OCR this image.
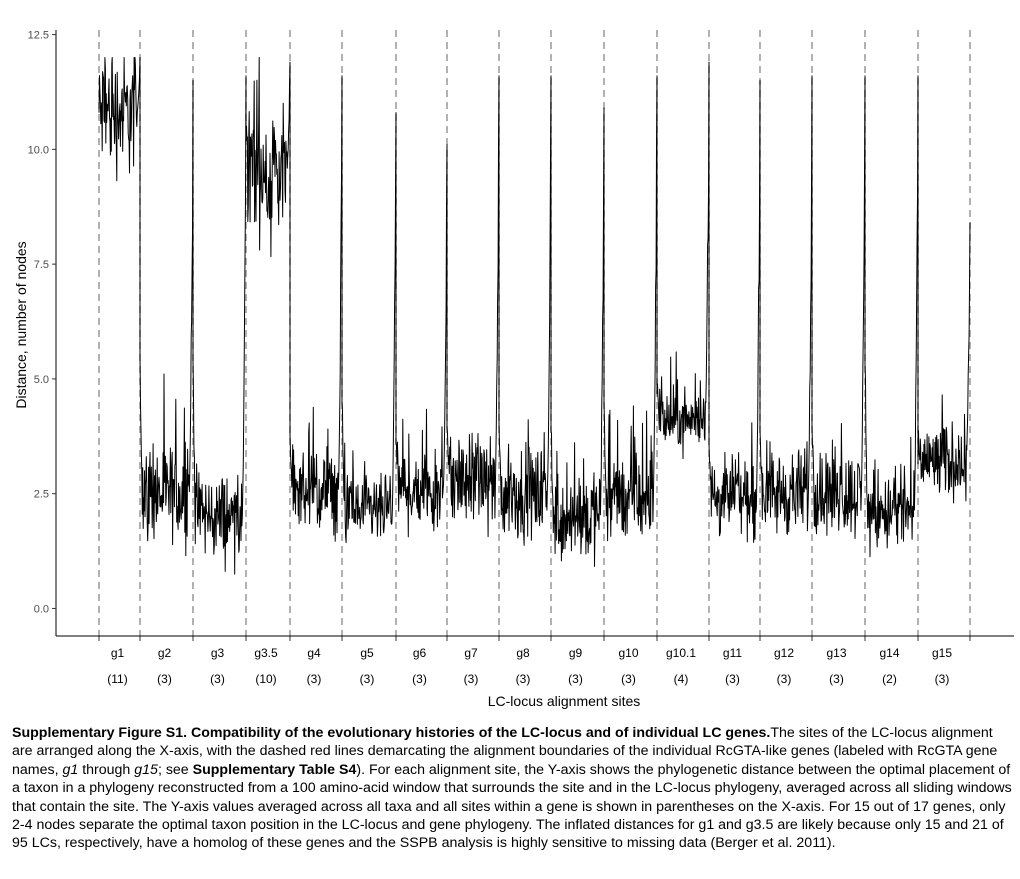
0.0
2.5
5.0
7.5
10.0
12.5
g1
(11)
g2
(3)
g3
(3)
g3.5
(10)
g4
(3)
g5
(3)
g6
(3)
g7
(3)
g8
(3)
g9
(3)
g10
(3)
g10.1
(4)
g11
(3)
g12
(3)
g13
(3)
g14
(2)
g15
(3)
LC-locus alignment sites
Distance, number of nodes
Supplementary Figure S1. Compatibility of the evolutionary histories of the LC-locus and of individual LC genes.The sites of the LC-locus alignment are arranged along the X-axis, with the dashed red lines demarcating the alignment boundaries of the individual RcGTA-like genes (labeled with RcGTA gene names, g1 through g15; see Supplementary Table S4). For each alignment site, the Y-axis shows the phylogenetic distance between the optimal placement of a taxon in a phylogeny reconstructed from a 100 amino-acid window that surrounds the site and in the LC-locus phylogeny, averaged across all sliding windows that contain the site. The Y-axis values averaged across all taxa and all sites within a gene is shown in parentheses on the X-axis. For 15 out of 17 genes, only 2-4 nodes separate the optimal taxon position in the LC-locus and gene phylogeny. The inflated distances for g1 and g3.5 are likely because only 15 and 21 of 95 LCs, respectively, have a homolog of these genes and the SSPB analysis is highly sensitive to missing data (Berger et al. 2011).
